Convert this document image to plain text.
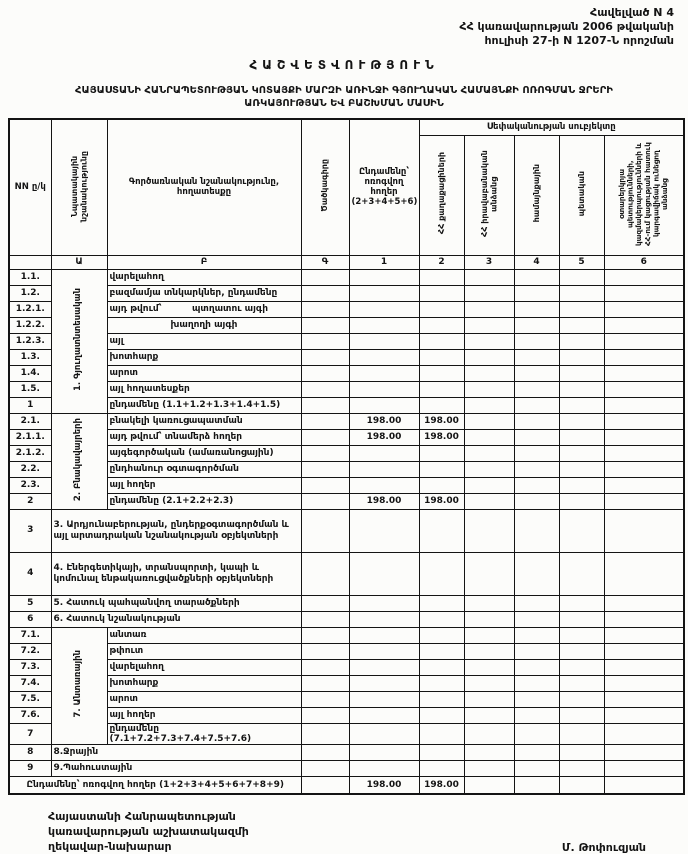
Հավելված N 4
ՀՀ կառավարության 2006 թվականի
հուլիսի 27-ի N 1207-Ն որոշման
ՀԱՇՎԵՏՎՈՒԹՅՈՒՆ
ՀԱՅԱՍՏԱՆԻ ՀԱՆՐԱՊԵՏՈՒԹՅԱՆ ԿՈՏԱՅՔԻ ՄԱՐԶԻ ԱՌԻՆՋԻ ԳՅՈՒՂԱԿԱՆ ՀԱՄԱՅՆՔԻ ՈՌՈԳՄԱՆ ՋՐԵՐԻ
ԱՌԿԱՅՈՒԹՅԱՆ ԵՎ ԲԱՇԽՄԱՆ ՄԱՍԻՆ
NN ը/կ	Նպատակային նշանակությունը	Գործառնական նշանակությունը, հողատեսքը	Ծածկագիրը	Ընդամենը՝ ոռոգվող հողեր (2+3+4+5+6)	Սեփականության սուբյեկտը				
					ՀՀ քաղաքացիների	ՀՀ իրավաբանական անձանց	համայնքային	պետական	օտարերկրյա պետությունների, կազմակերպությունների և ՀՀ-ում կացության հատուկ կարգավիճակ ունեցող անձանց
	Ա	Բ	Գ	1	2	3	4	5	6
1.1.	1. Գյուղատնտեսական	վարելահող							
1.2.		բազմամյա տնկարկներ, ընդամենը							
1.2.1.		այդ թվում՝ պտղատու այգի							

1.2.2.		խաղողի այգի							
1.2.3.		այլ							
1.3.		խոտհարք							
1.4.		արոտ							
1.5.		այլ հողատեսքեր							
1		ընդամենը (1.1+1.2+1.3+1.4+1.5)							
2.1.	2. Բնակավայրերի	բնակելի կառուցապատման		198.00	198.00				
2.1.1.		այդ թվում՝ տնամերձ հողեր		198.00	198.00				
2.1.2.		այգեգործական (ամառանոցային)							
2.2.		ընդհանուր օգտագործման							
2.3.		այլ հողեր							
2		ընդամենը (2.1+2.2+2.3)		198.00	198.00				
3	3. Արդյունաբերության, ընդերքօգտագործման և այլ արտադրական նշանակության օբյեկտների								
4	4. Էներգետիկայի, տրանսպորտի, կապի և կոմունալ ենթակառուցվածքների օբյեկտների								
5	5. Հատուկ պահպանվող տարածքների								
6	6. Հատուկ նշանակության								
7.1.	7. Անտառային	անտառ							
7.2.		թփուտ							
7.3.		վարելահող							
7.4.		խոտհարք							
7.5.		արոտ							
7.6.		այլ հողեր							
7		ընդամենը (7.1+7.2+7.3+7.4+7.5+7.6)							
8	8.Ջրային								
9	9.Պահուստային								
Ընդամենը՝ ոռոգվող հողեր (1+2+3+4+5+6+7+8+9)				198.00	198.00				
Հայաստանի Հանրապետության
կառավարության աշխատակազմի
ղեկավար-նախարար	Մ. Թոփուզյան
